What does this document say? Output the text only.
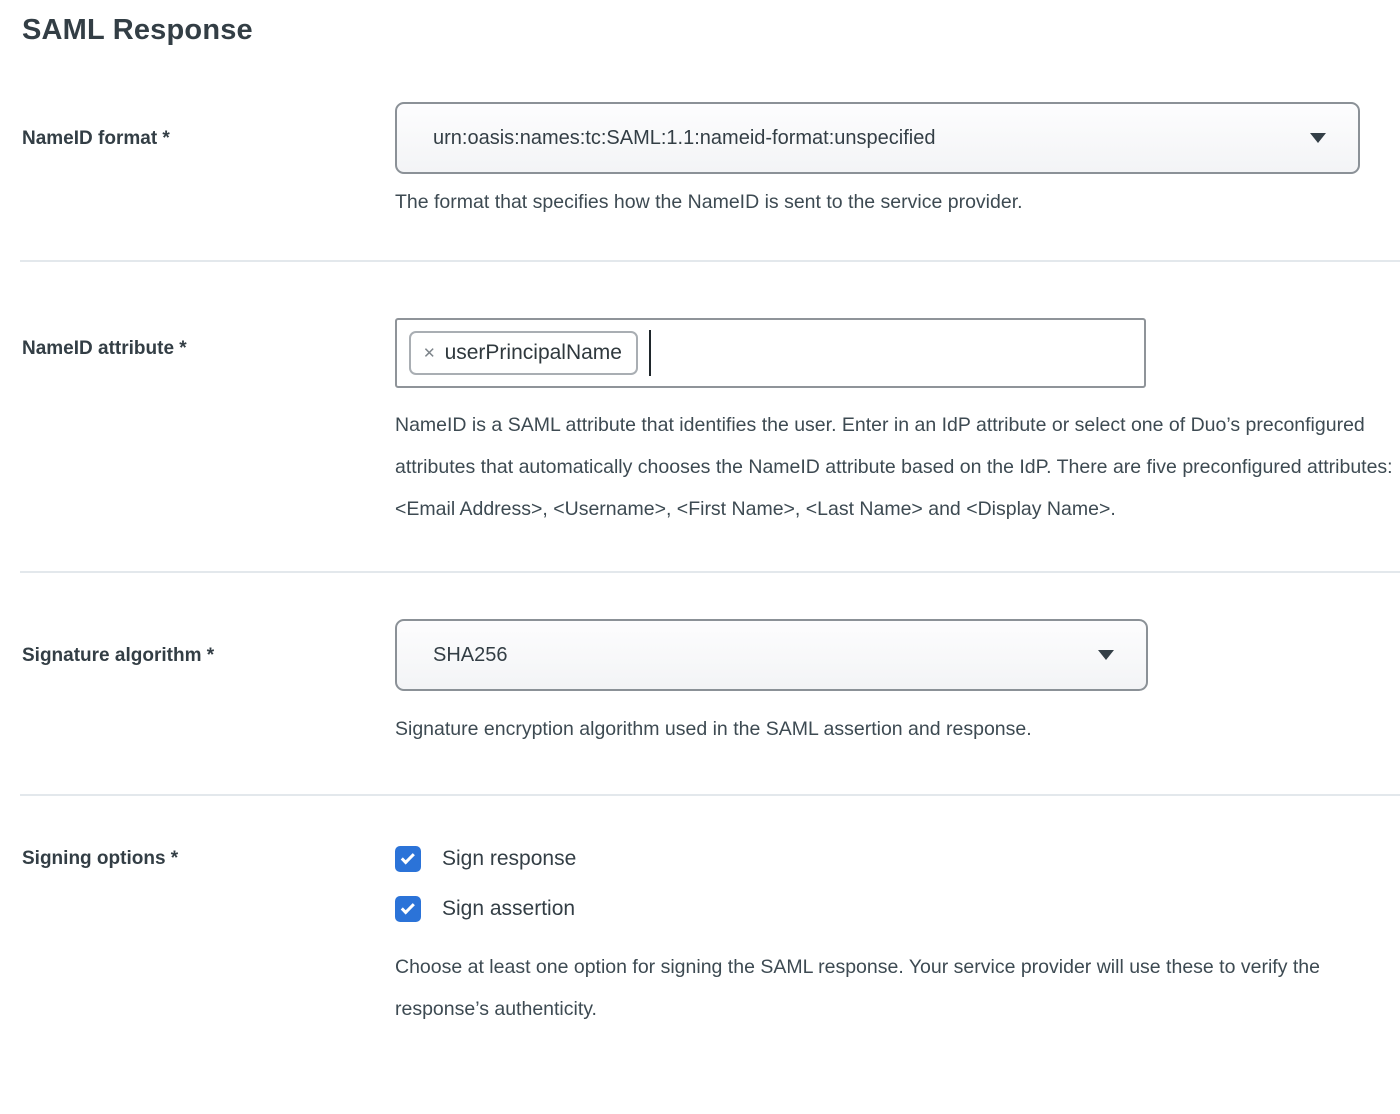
SAML Response
NameID format *	urn:oasis:names:tc:SAML:1.1:nameid-format:unspecified
The format that specifies how the NameID is sent to the service provider.
NameID attribute *	✕ userPrincipalName
NameID is a SAML attribute that identifies the user. Enter in an IdP attribute or select one of Duo’s preconfigured attributes that automatically chooses the NameID attribute based on the IdP. There are five preconfigured attributes: <Email Address>, <Username>, <First Name>, <Last Name> and <Display Name>.
Signature algorithm *	SHA256
Signature encryption algorithm used in the SAML assertion and response.
Signing options *	Sign response
Sign assertion
Choose at least one option for signing the SAML response. Your service provider will use these to verify the response’s authenticity.
